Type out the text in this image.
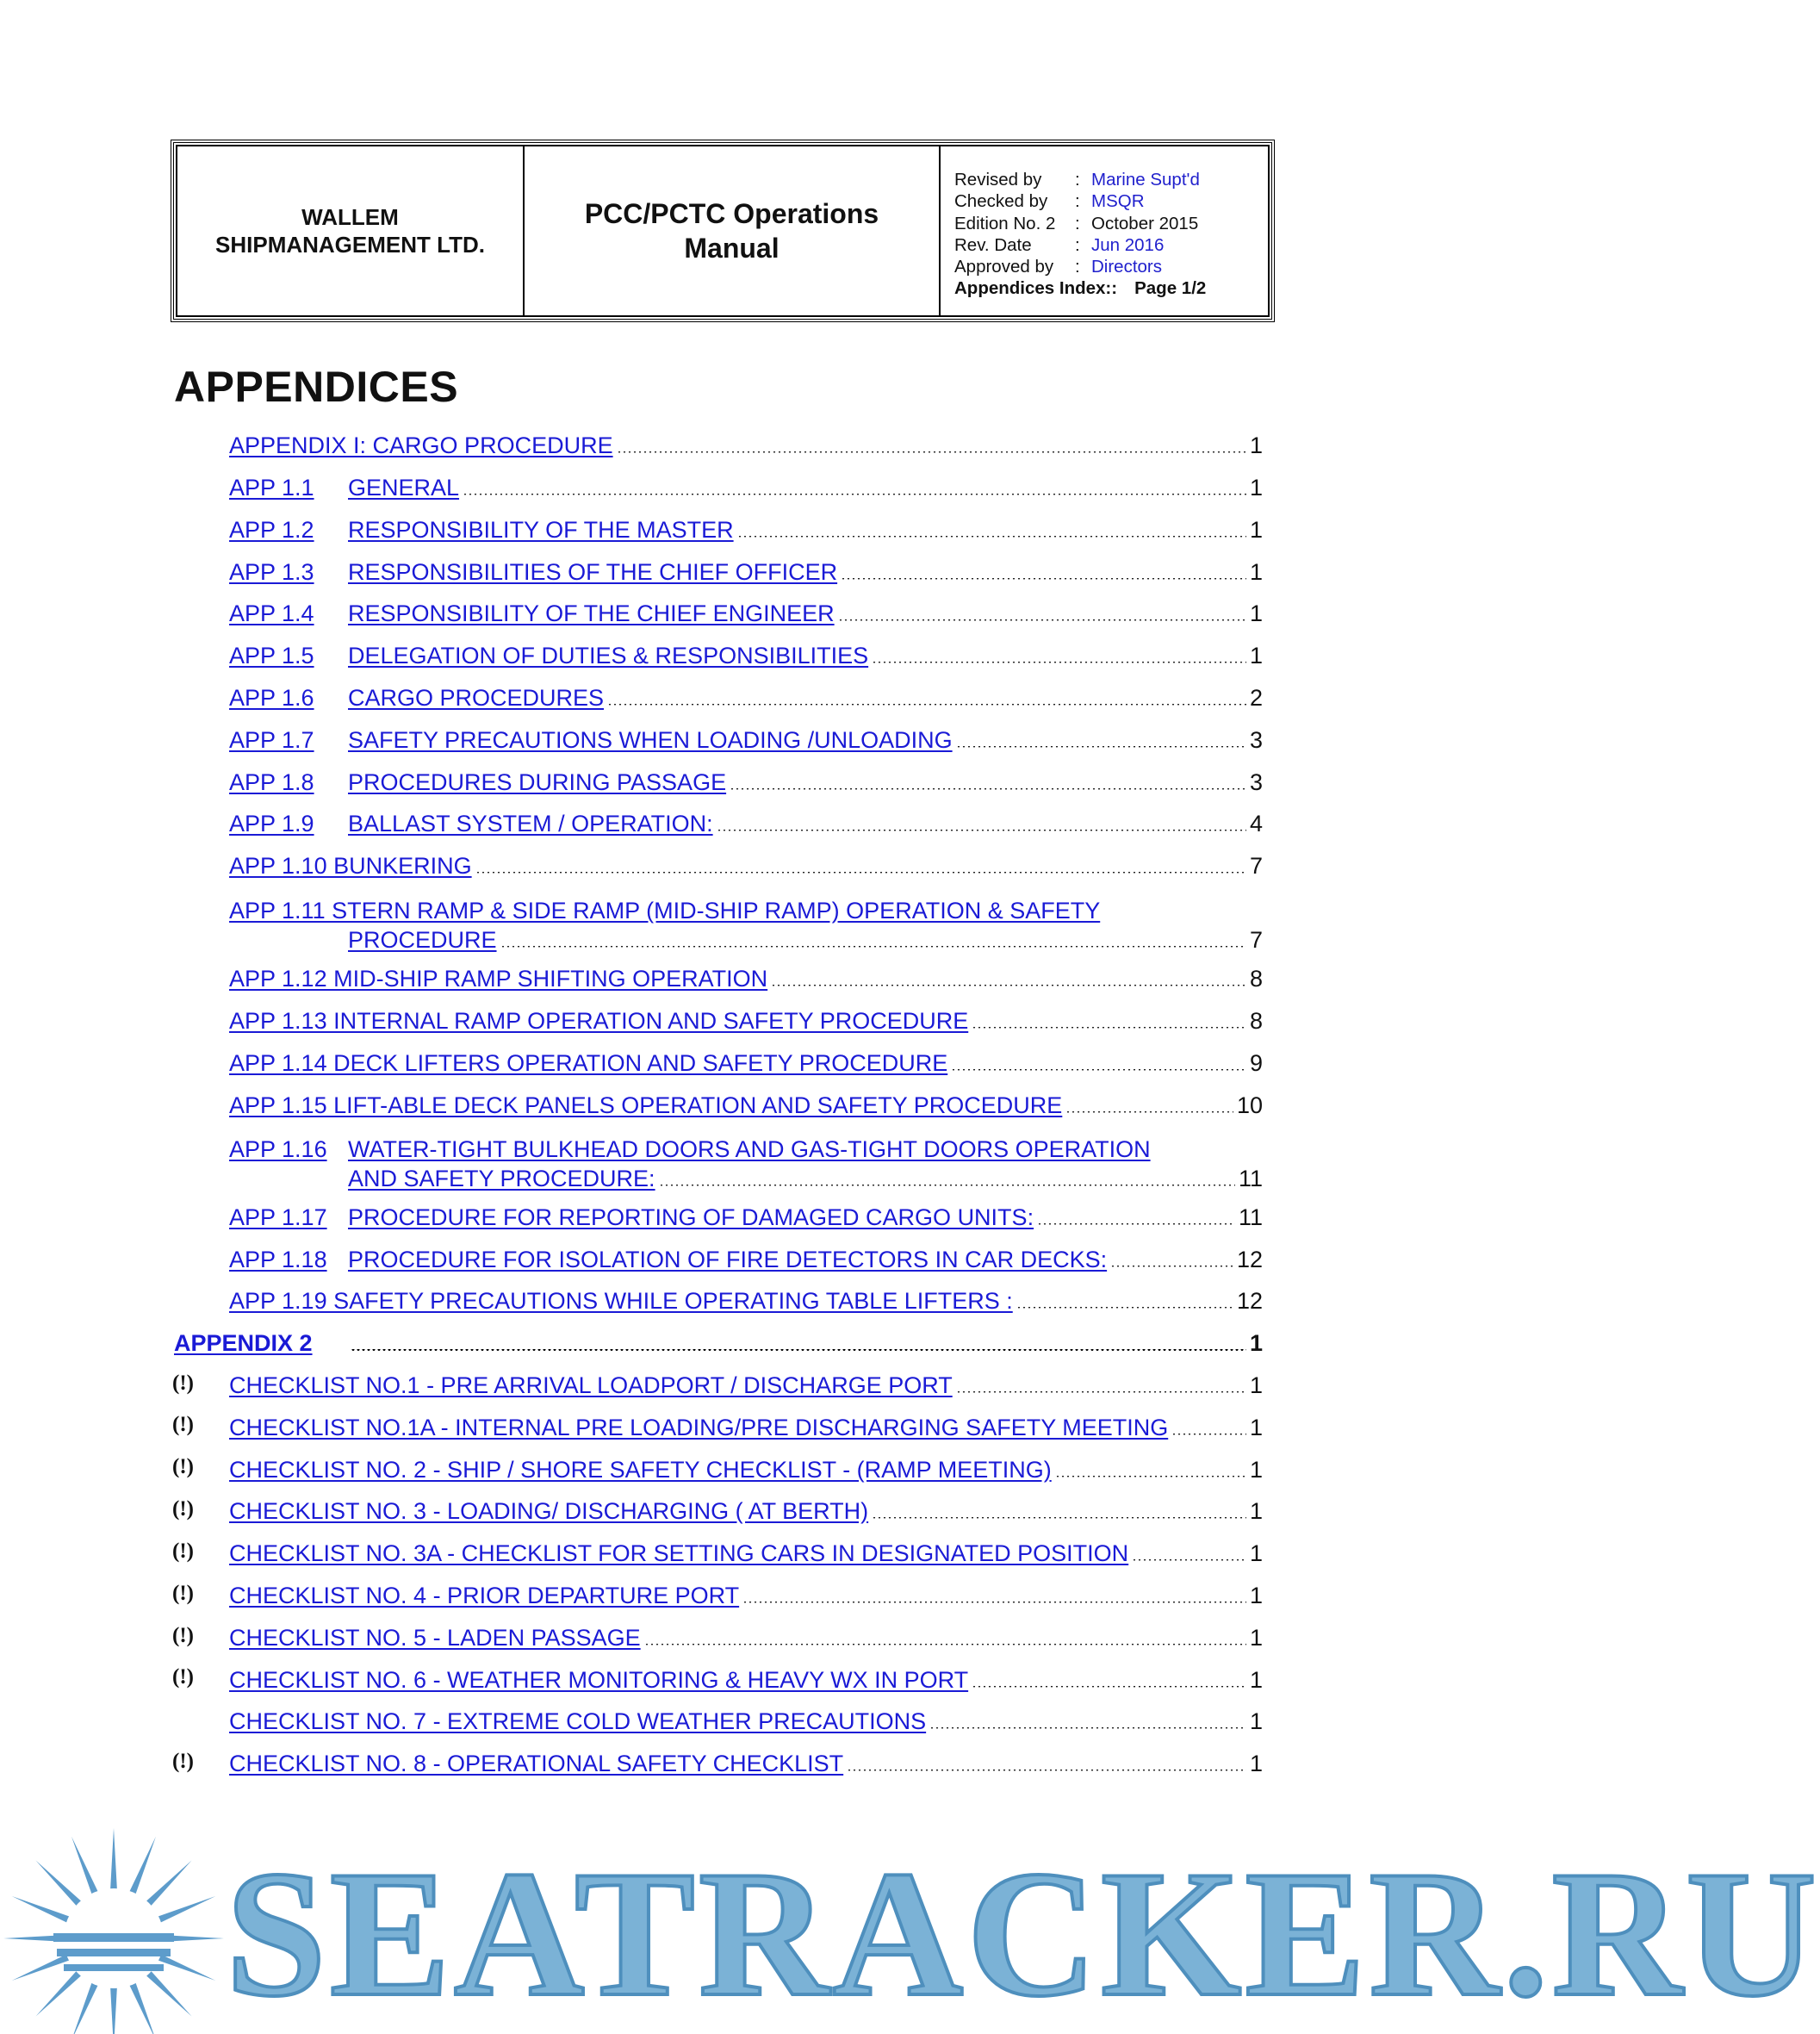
WALLEM
SHIPMANAGEMENT LTD.
PCC/PCTC Operations
Manual
Revised by	: Marine Supt'd
Checked by	: MSQR
Edition No. 2	: October 2015
Rev. Date	: Jun 2016
Approved by	: Directors
Appendices Index:: Page 1/2
APPENDICES
APPENDIX I: CARGO PROCEDURE	1
APP 1.1	GENERAL	1
APP 1.2	RESPONSIBILITY OF THE MASTER	1
APP 1.3	RESPONSIBILITIES OF THE CHIEF OFFICER	1
APP 1.4	RESPONSIBILITY OF THE CHIEF ENGINEER	1
APP 1.5	DELEGATION OF DUTIES & RESPONSIBILITIES	1
APP 1.6	CARGO PROCEDURES	2
APP 1.7	SAFETY PRECAUTIONS WHEN LOADING /UNLOADING	3
APP 1.8	PROCEDURES DURING PASSAGE	3
APP 1.9	BALLAST SYSTEM / OPERATION:	4
APP 1.10 BUNKERING	7
APP 1.11 STERN RAMP & SIDE RAMP (MID-SHIP RAMP) OPERATION & SAFETY
PROCEDURE	7
APP 1.12 MID-SHIP RAMP SHIFTING OPERATION	8
APP 1.13 INTERNAL RAMP OPERATION AND SAFETY PROCEDURE	8
APP 1.14 DECK LIFTERS OPERATION AND SAFETY PROCEDURE	9
APP 1.15 LIFT-ABLE DECK PANELS OPERATION AND SAFETY PROCEDURE	10
APP 1.16 WATER-TIGHT BULKHEAD DOORS AND GAS-TIGHT DOORS OPERATION
AND SAFETY PROCEDURE:	11
APP 1.17 PROCEDURE FOR REPORTING OF DAMAGED CARGO UNITS:	11
APP 1.18 PROCEDURE FOR ISOLATION OF FIRE DETECTORS IN CAR DECKS:	12
APP 1.19 SAFETY PRECAUTIONS WHILE OPERATING TABLE LIFTERS :	12
APPENDIX 2	1
(!) CHECKLIST NO.1 - PRE ARRIVAL LOADPORT / DISCHARGE PORT	1
(!) CHECKLIST NO.1A - INTERNAL PRE LOADING/PRE DISCHARGING SAFETY MEETING	1
(!) CHECKLIST NO. 2 - SHIP / SHORE SAFETY CHECKLIST - (RAMP MEETING)	1
(!) CHECKLIST NO. 3 - LOADING/ DISCHARGING ( AT BERTH)	1
(!) CHECKLIST NO. 3A - CHECKLIST FOR SETTING CARS IN DESIGNATED POSITION	1
(!) CHECKLIST NO. 4 - PRIOR DEPARTURE PORT	1
(!) CHECKLIST NO. 5 - LADEN PASSAGE	1
(!) CHECKLIST NO. 6 - WEATHER MONITORING & HEAVY WX IN PORT	1
CHECKLIST NO. 7 - EXTREME COLD WEATHER PRECAUTIONS	1
(!) CHECKLIST NO. 8 - OPERATIONAL SAFETY CHECKLIST	1
SEATRACKER.RU
